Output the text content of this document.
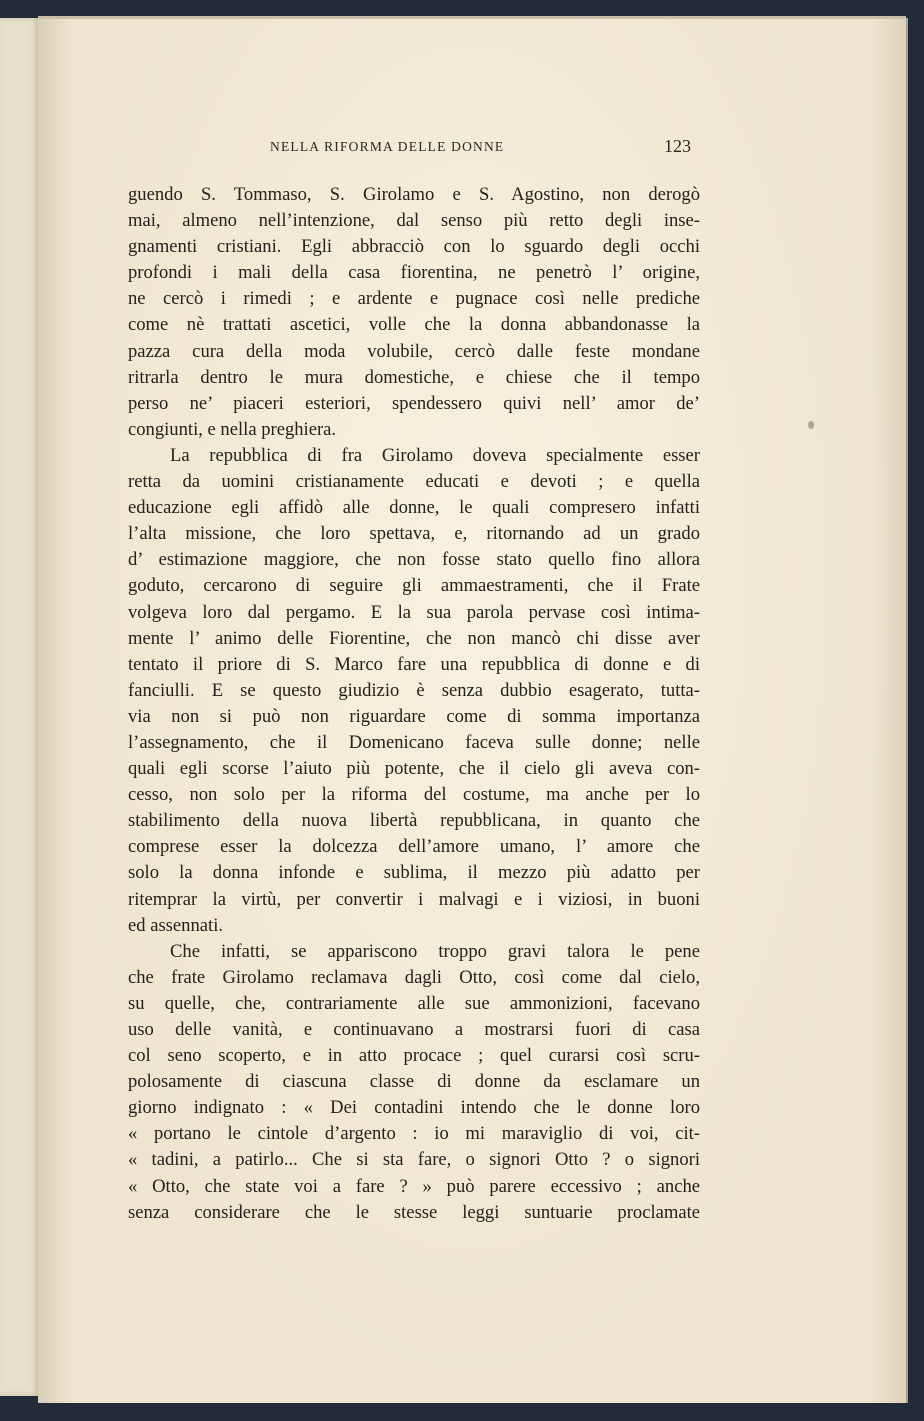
NELLA RIFORMA DELLE DONNE	123
guendo S. Tommaso, S. Girolamo e S. Agostino, non derogò
mai, almeno nell’intenzione, dal senso più retto degli inse-
gnamenti cristiani. Egli abbracciò con lo sguardo degli occhi
profondi i mali della casa fiorentina, ne penetrò l’ origine,
ne cercò i rimedi ; e ardente e pugnace così nelle prediche
come nè trattati ascetici, volle che la donna abbandonasse la
pazza cura della moda volubile, cercò dalle feste mondane
ritrarla dentro le mura domestiche, e chiese che il tempo
perso ne’ piaceri esteriori, spendessero quivi nell’ amor de’
congiunti, e nella preghiera.
La repubblica di fra Girolamo doveva specialmente esser
retta da uomini cristianamente educati e devoti ; e quella
educazione egli affidò alle donne, le quali compresero infatti
l’alta missione, che loro spettava, e, ritornando ad un grado
d’ estimazione maggiore, che non fosse stato quello fino allora
goduto, cercarono di seguire gli ammaestramenti, che il Frate
volgeva loro dal pergamo. E la sua parola pervase così intima-
mente l’ animo delle Fiorentine, che non mancò chi disse aver
tentato il priore di S. Marco fare una repubblica di donne e di
fanciulli. E se questo giudizio è senza dubbio esagerato, tutta-
via non si può non riguardare come di somma importanza
l’assegnamento, che il Domenicano faceva sulle donne; nelle
quali egli scorse l’aiuto più potente, che il cielo gli aveva con-
cesso, non solo per la riforma del costume, ma anche per lo
stabilimento della nuova libertà repubblicana, in quanto che
comprese esser la dolcezza dell’amore umano, l’ amore che
solo la donna infonde e sublima, il mezzo più adatto per
ritemprar la virtù, per convertir i malvagi e i viziosi, in buoni
ed assennati.
Che infatti, se appariscono troppo gravi talora le pene
che frate Girolamo reclamava dagli Otto, così come dal cielo,
su quelle, che, contrariamente alle sue ammonizioni, facevano
uso delle vanità, e continuavano a mostrarsi fuori di casa
col seno scoperto, e in atto procace ; quel curarsi così scru-
polosamente di ciascuna classe di donne da esclamare un
giorno indignato : « Dei contadini intendo che le donne loro
« portano le cintole d’argento : io mi maraviglio di voi, cit-
« tadini, a patirlo... Che si sta fare, o signori Otto ? o signori
« Otto, che state voi a fare ? » può parere eccessivo ; anche
senza considerare che le stesse leggi suntuarie proclamate
